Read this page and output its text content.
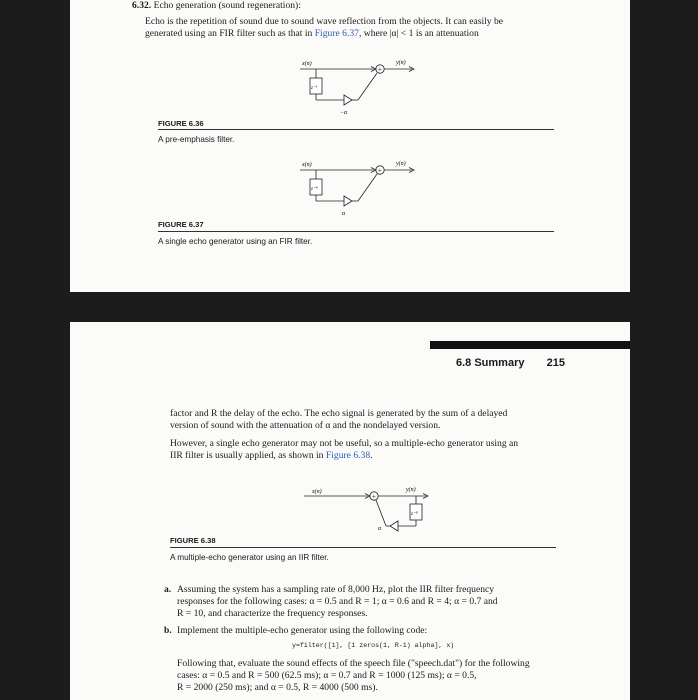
6.32. Echo generation (sound regeneration):
Echo is the repetition of sound due to sound wave reflection from the objects. It can easily be
generated using an FIR filter such as that in Figure 6.37, where |α| < 1 is an attenuation
x(n)	y(n)
+
z⁻¹
−α
FIGURE 6.36
A pre-emphasis filter.
x(n)	y(n)
+
z⁻ᴿ
α
FIGURE 6.37
A single echo generator using an FIR filter.
6.8 Summary 215
factor and R the delay of the echo. The echo signal is generated by the sum of a delayed
version of sound with the attenuation of α and the nondelayed version.
However, a single echo generator may not be useful, so a multiple-echo generator using an
IIR filter is usually applied, as shown in Figure 6.38.
x(n)	y(n)
+
z⁻ᴿ
α
FIGURE 6.38
A multiple-echo generator using an IIR filter.
a. Assuming the system has a sampling rate of 8,000 Hz, plot the IIR filter frequency
responses for the following cases: α = 0.5 and R = 1; α = 0.6 and R = 4; α = 0.7 and
R = 10, and characterize the frequency responses.
b. Implement the multiple-echo generator using the following code:
y=filter([1], [1 zeros(1, R-1) alpha], x)
Following that, evaluate the sound effects of the speech file ("speech.dat") for the following
cases: α = 0.5 and R = 500 (62.5 ms); α = 0.7 and R = 1000 (125 ms); α = 0.5,
R = 2000 (250 ms); and α = 0.5, R = 4000 (500 ms).
